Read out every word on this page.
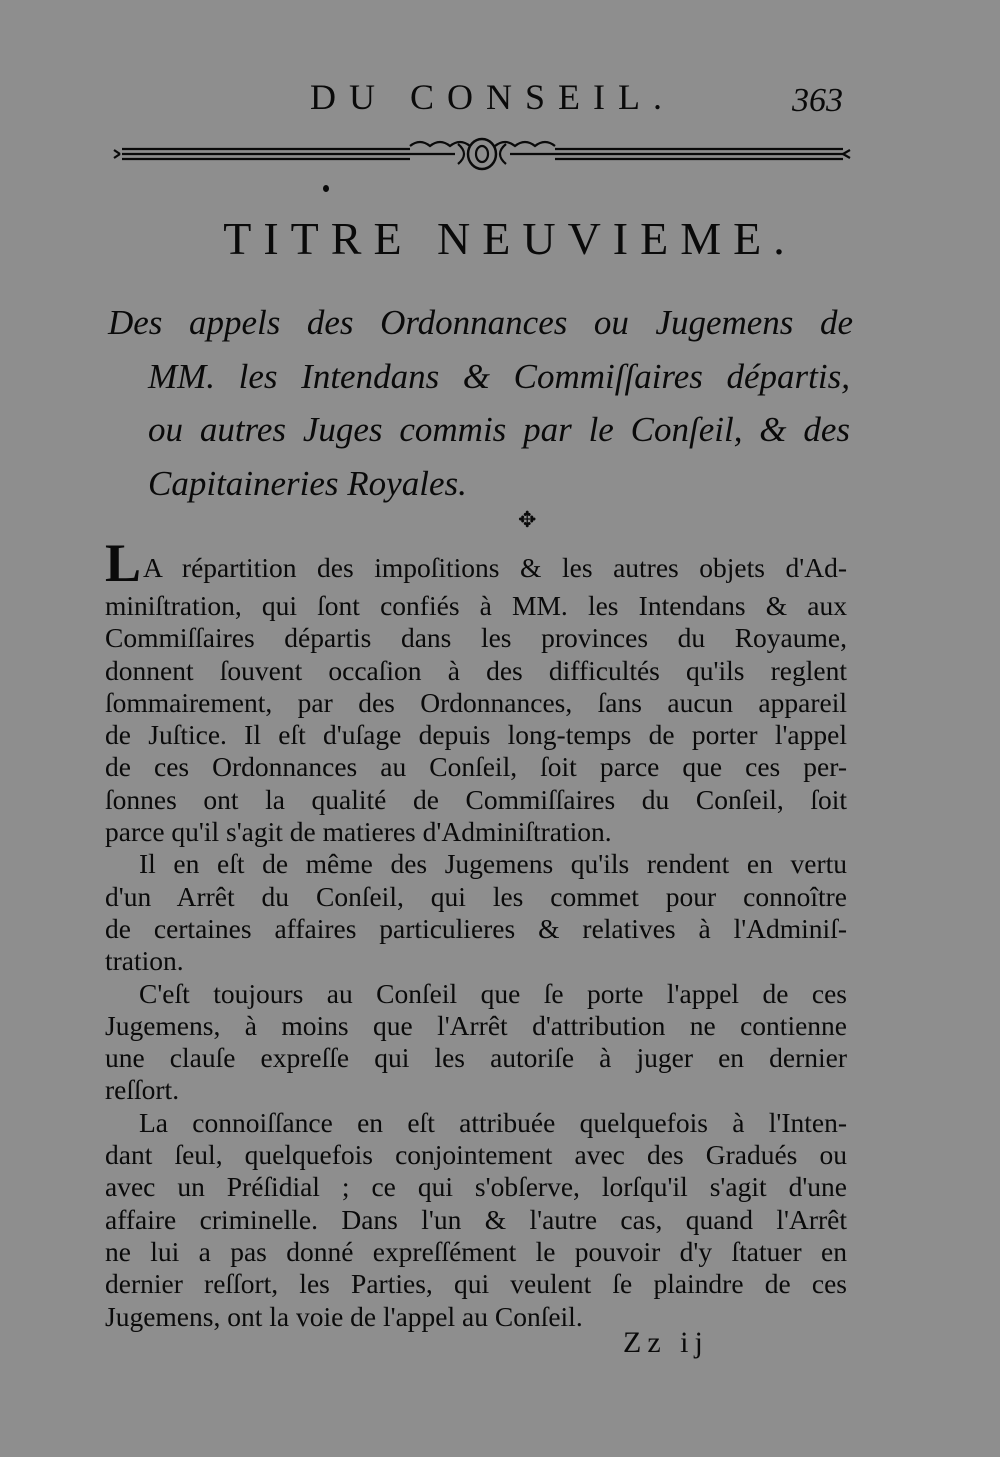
DU CONSEIL.	363
TITRE NEUVIEME.
Des appels des Ordonnances ou Jugemens de
MM. les Intendans & Commiſſaires départis,
ou autres Juges commis par le Conſeil, & des
Capitaineries Royales.
✥
LA répartition des impoſitions & les autres objets d'Ad-
miniſtration, qui ſont confiés à MM. les Intendans & aux
Commiſſaires départis dans les provinces du Royaume,
donnent ſouvent occaſion à des difficultés qu'ils reglent
ſommairement, par des Ordonnances, ſans aucun appareil
de Juſtice. Il eſt d'uſage depuis long-temps de porter l'appel
de ces Ordonnances au Conſeil, ſoit parce que ces per-
ſonnes ont la qualité de Commiſſaires du Conſeil, ſoit
parce qu'il s'agit de matieres d'Adminiſtration.
Il en eſt de même des Jugemens qu'ils rendent en vertu
d'un Arrêt du Conſeil, qui les commet pour connoître
de certaines affaires particulieres & relatives à l'Adminiſ-
tration.
C'eſt toujours au Conſeil que ſe porte l'appel de ces
Jugemens, à moins que l'Arrêt d'attribution ne contienne
une clauſe expreſſe qui les autoriſe à juger en dernier
reſſort.
La connoiſſance en eſt attribuée quelquefois à l'Inten-
dant ſeul, quelquefois conjointement avec des Gradués ou
avec un Préſidial ; ce qui s'obſerve, lorſqu'il s'agit d'une
affaire criminelle. Dans l'un & l'autre cas, quand l'Arrêt
ne lui a pas donné expreſſément le pouvoir d'y ſtatuer en
dernier reſſort, les Parties, qui veulent ſe plaindre de ces
Jugemens, ont la voie de l'appel au Conſeil.
Zz ij
